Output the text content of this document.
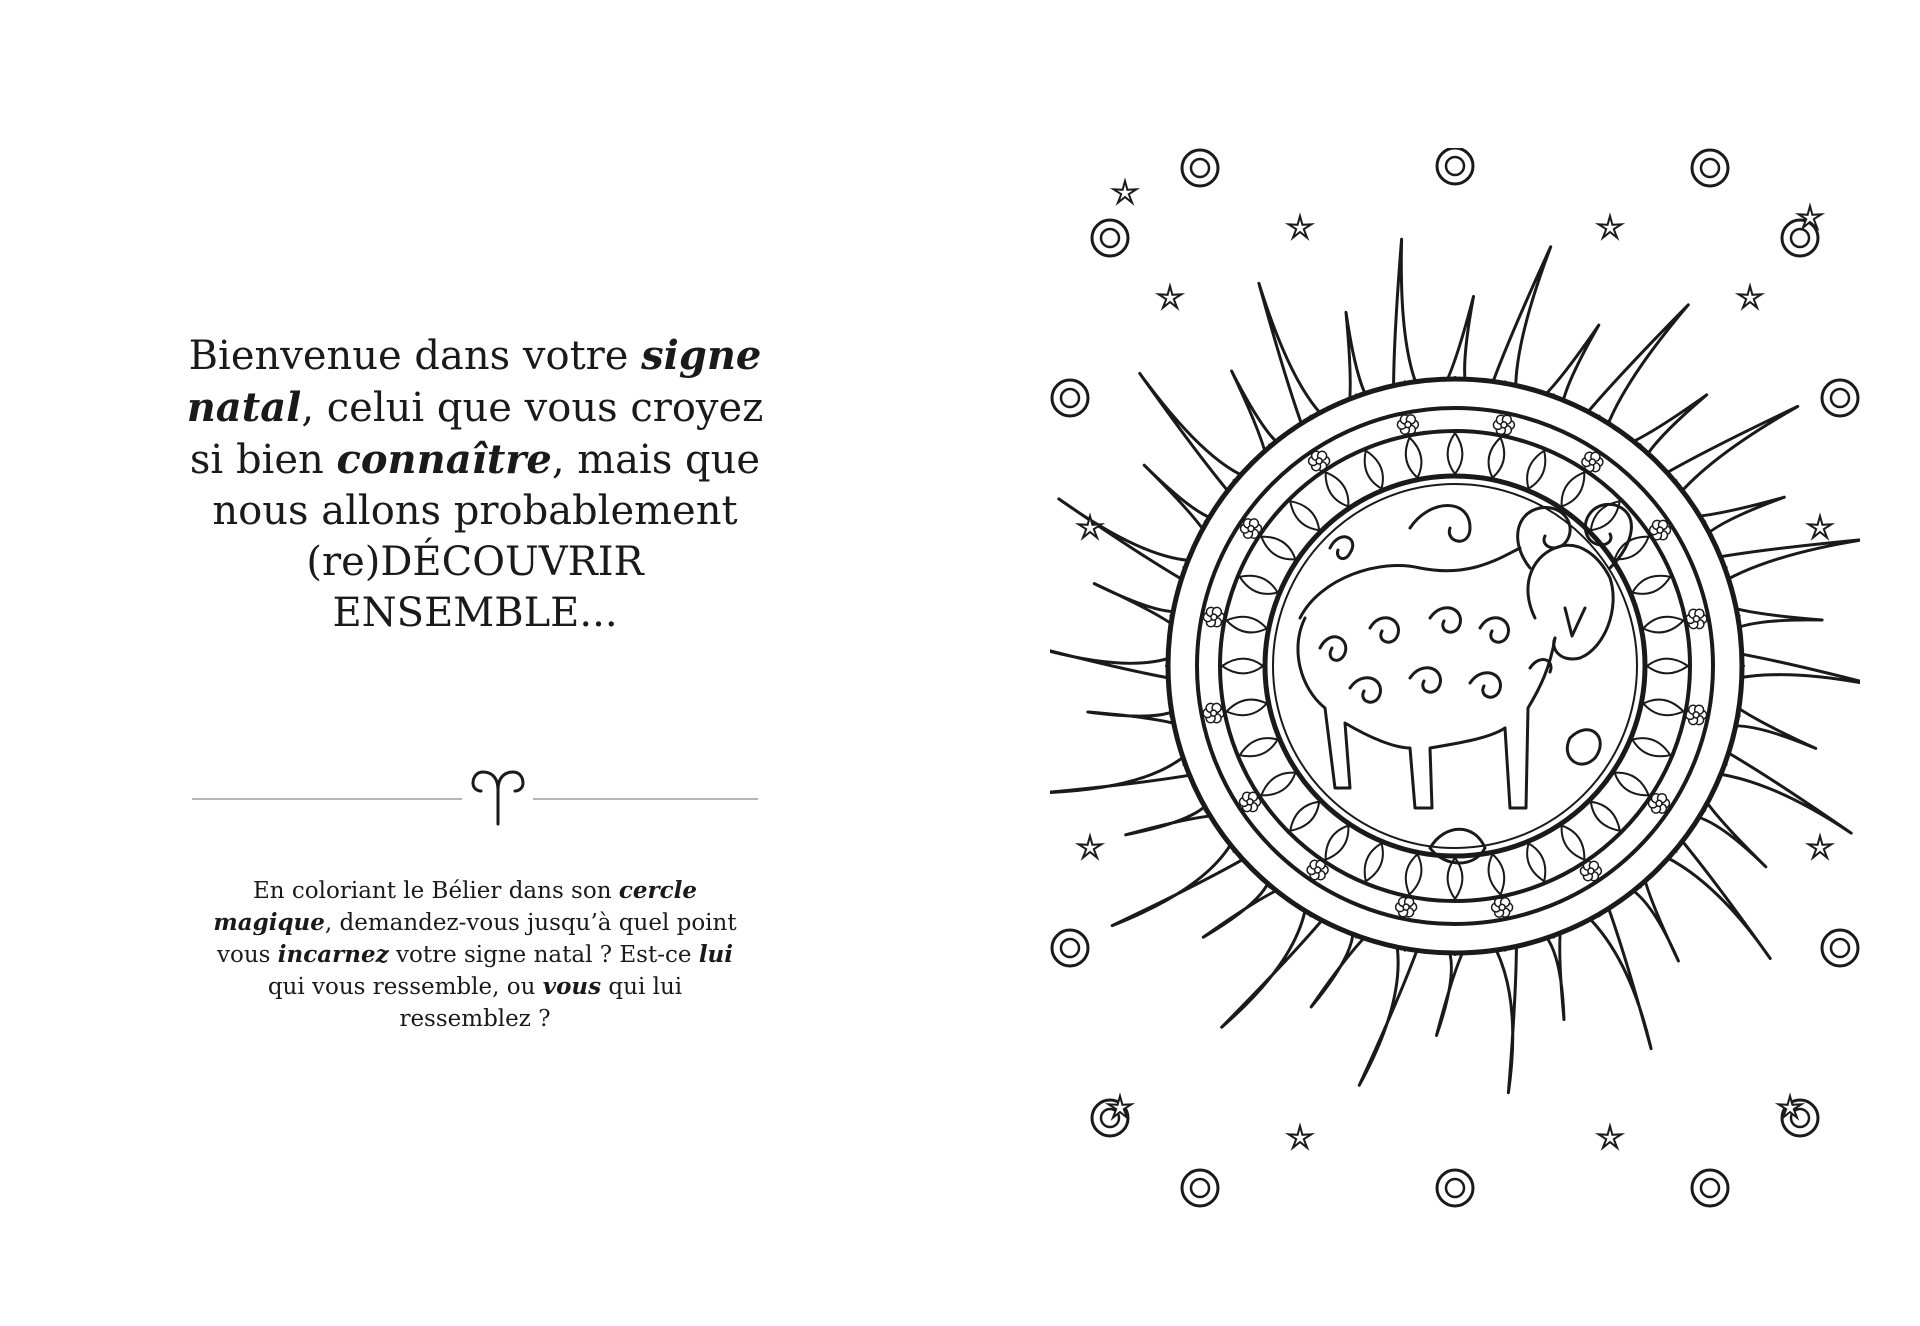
Bienvenue dans votre signe natal, celui que vous croyez si bien connaître, mais que nous allons probablement (re)DÉCOUVRIR ENSEMBLE...

En coloriant le Bélier dans son cercle magique, demandez-vous jusqu’à quel point vous incarnez votre signe natal ? Est-ce lui qui vous ressemble, ou vous qui lui ressemblez ?
